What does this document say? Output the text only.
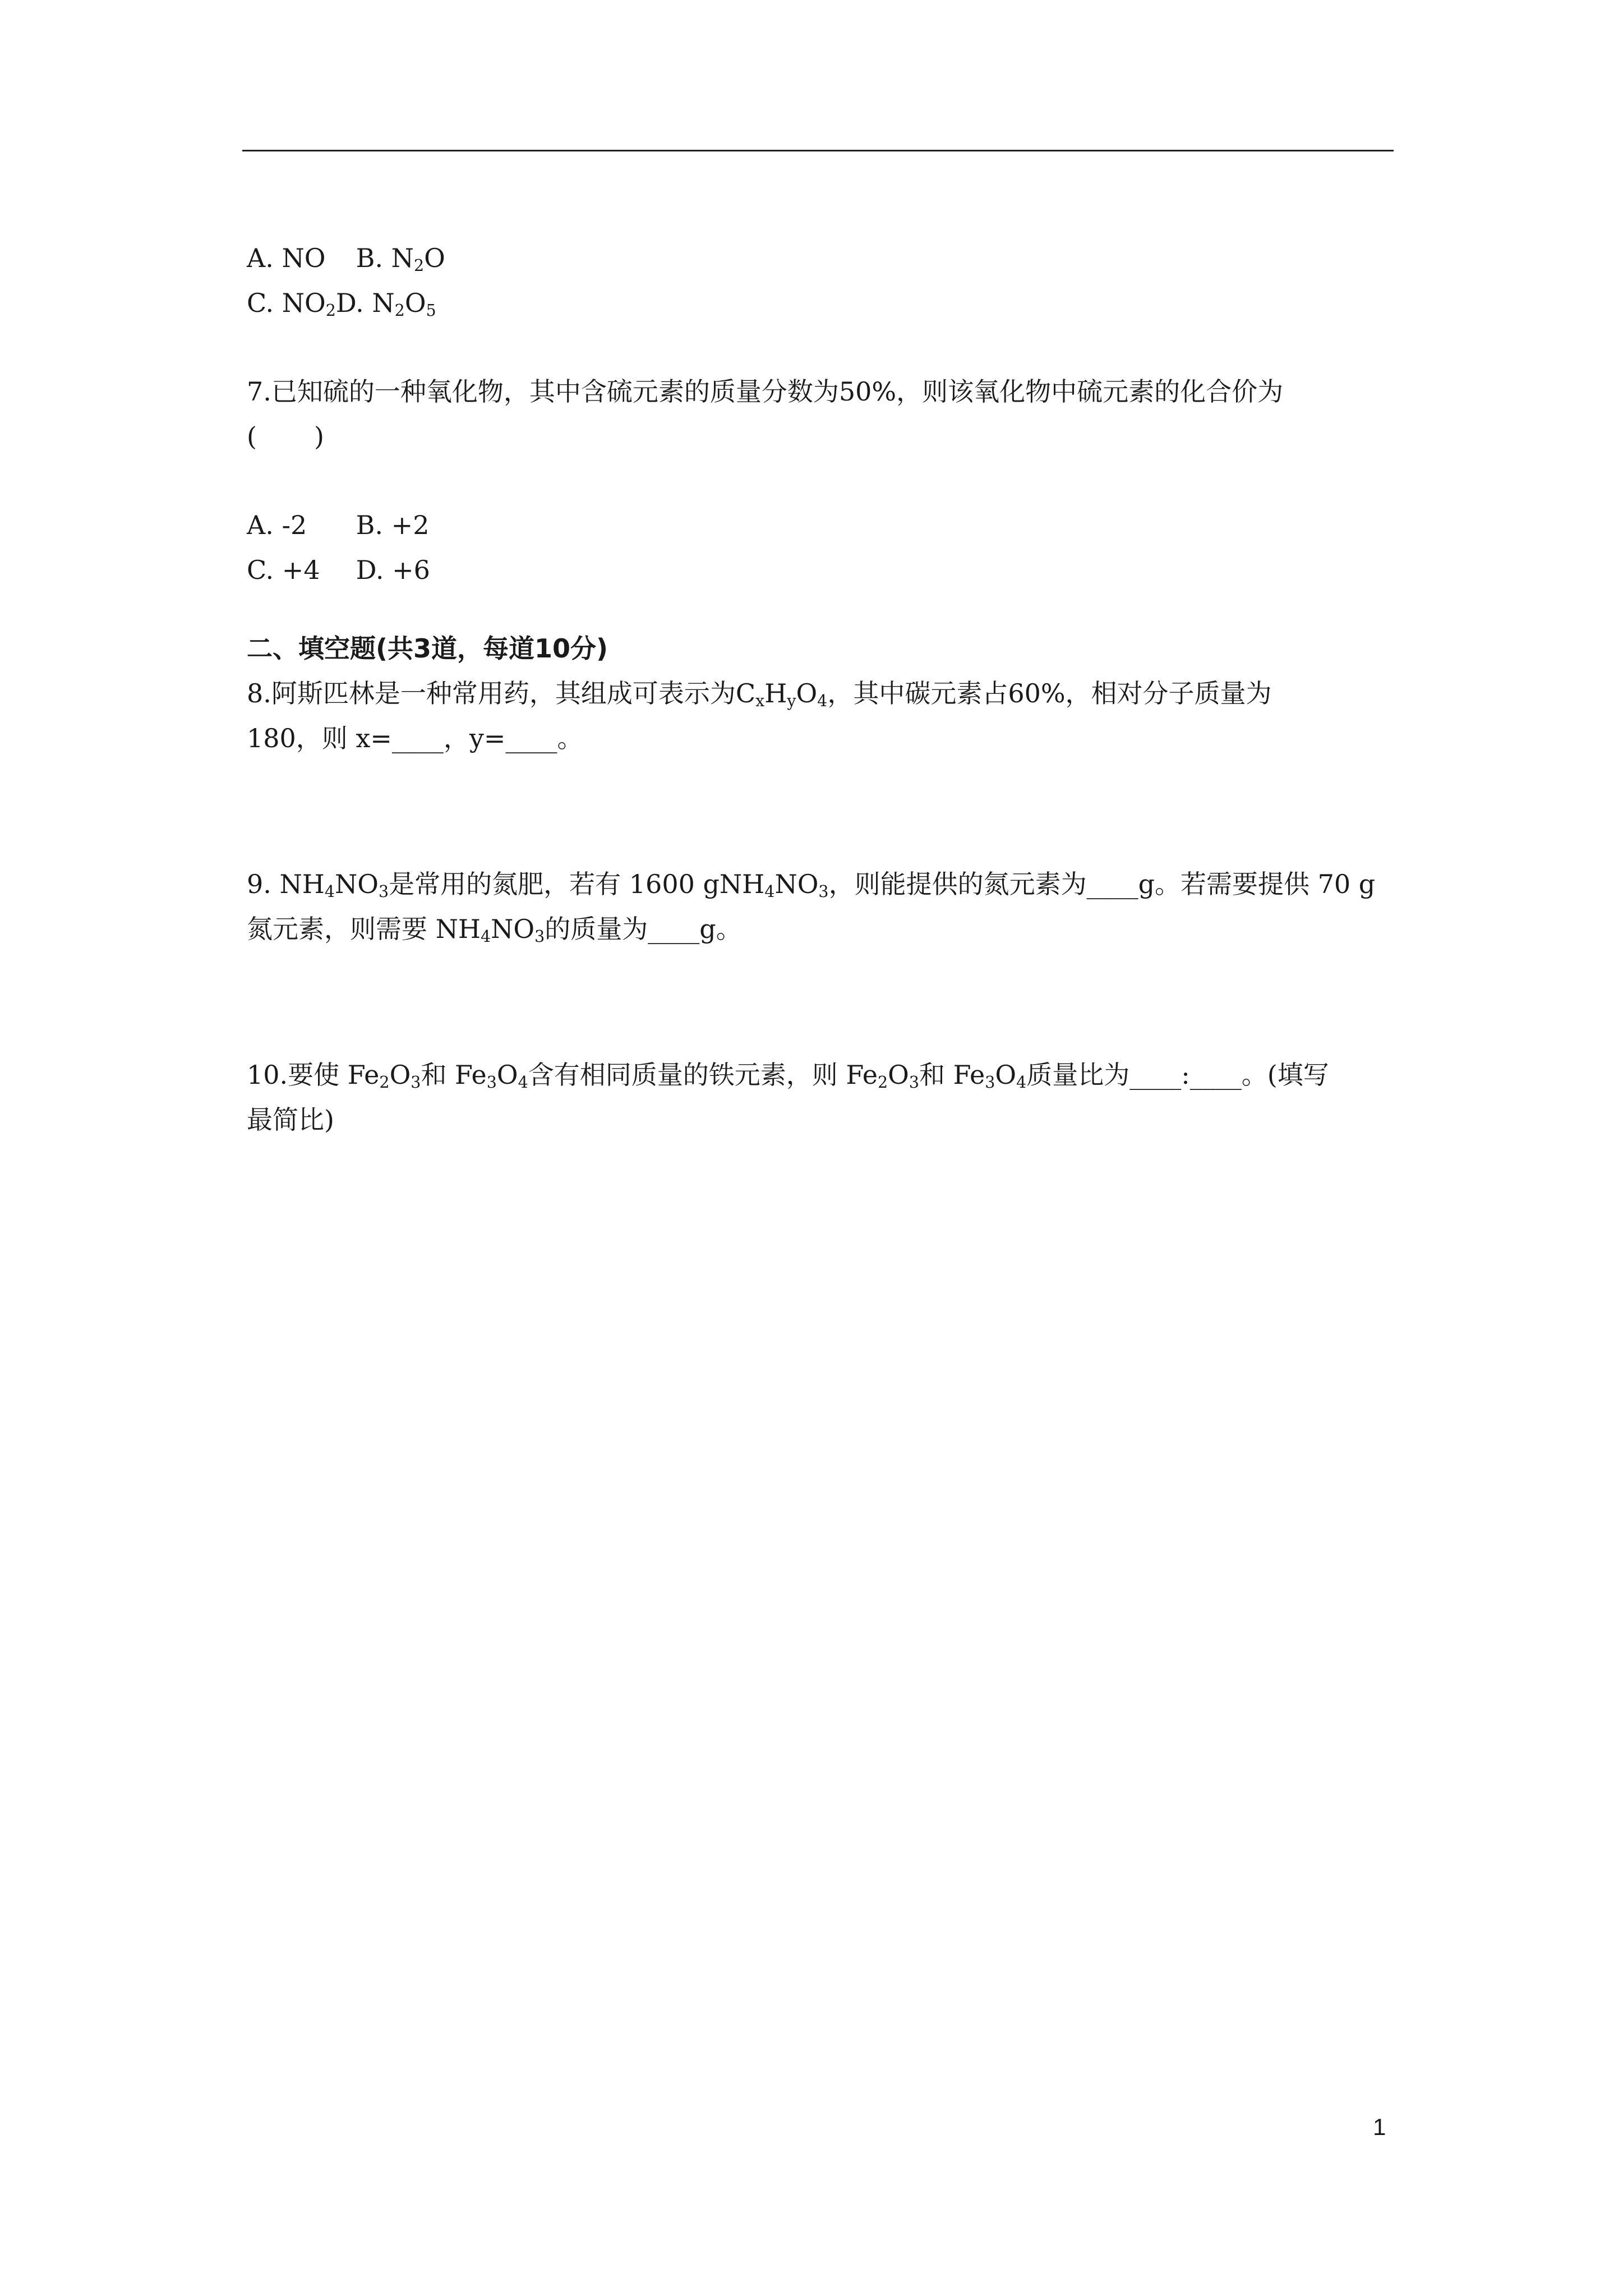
A. NO B. $N_2O$
C. $NO_2D$. $N_2O_5$
7.已知硫的一种氧化物，其中含硫元素的质量分数为50%，则该氧化物中硫元素的化合价为
( )
A. -2 B. +2
C. +4 D. +6
二、填空题(共3道，每道10分)
8.阿斯匹林是一种常用药，其组成可表示为$C_xH_yO_4$，其中碳元素占60%，相对分子质量为
180，则 x=____，y=____。
9. $NH_4NO_3$是常用的氮肥，若有 1600 $gNH_4NO_3$，则能提供的氮元素为____g。若需要提供 70 g
氮元素，则需要 $NH_4NO_3$的质量为____g。
10.要使 $Fe_2O_3$和 $Fe_3O_4$含有相同质量的铁元素，则 $Fe_2O_3$和 $Fe_3O_4$质量比为____:____。(填写
最简比)
1
